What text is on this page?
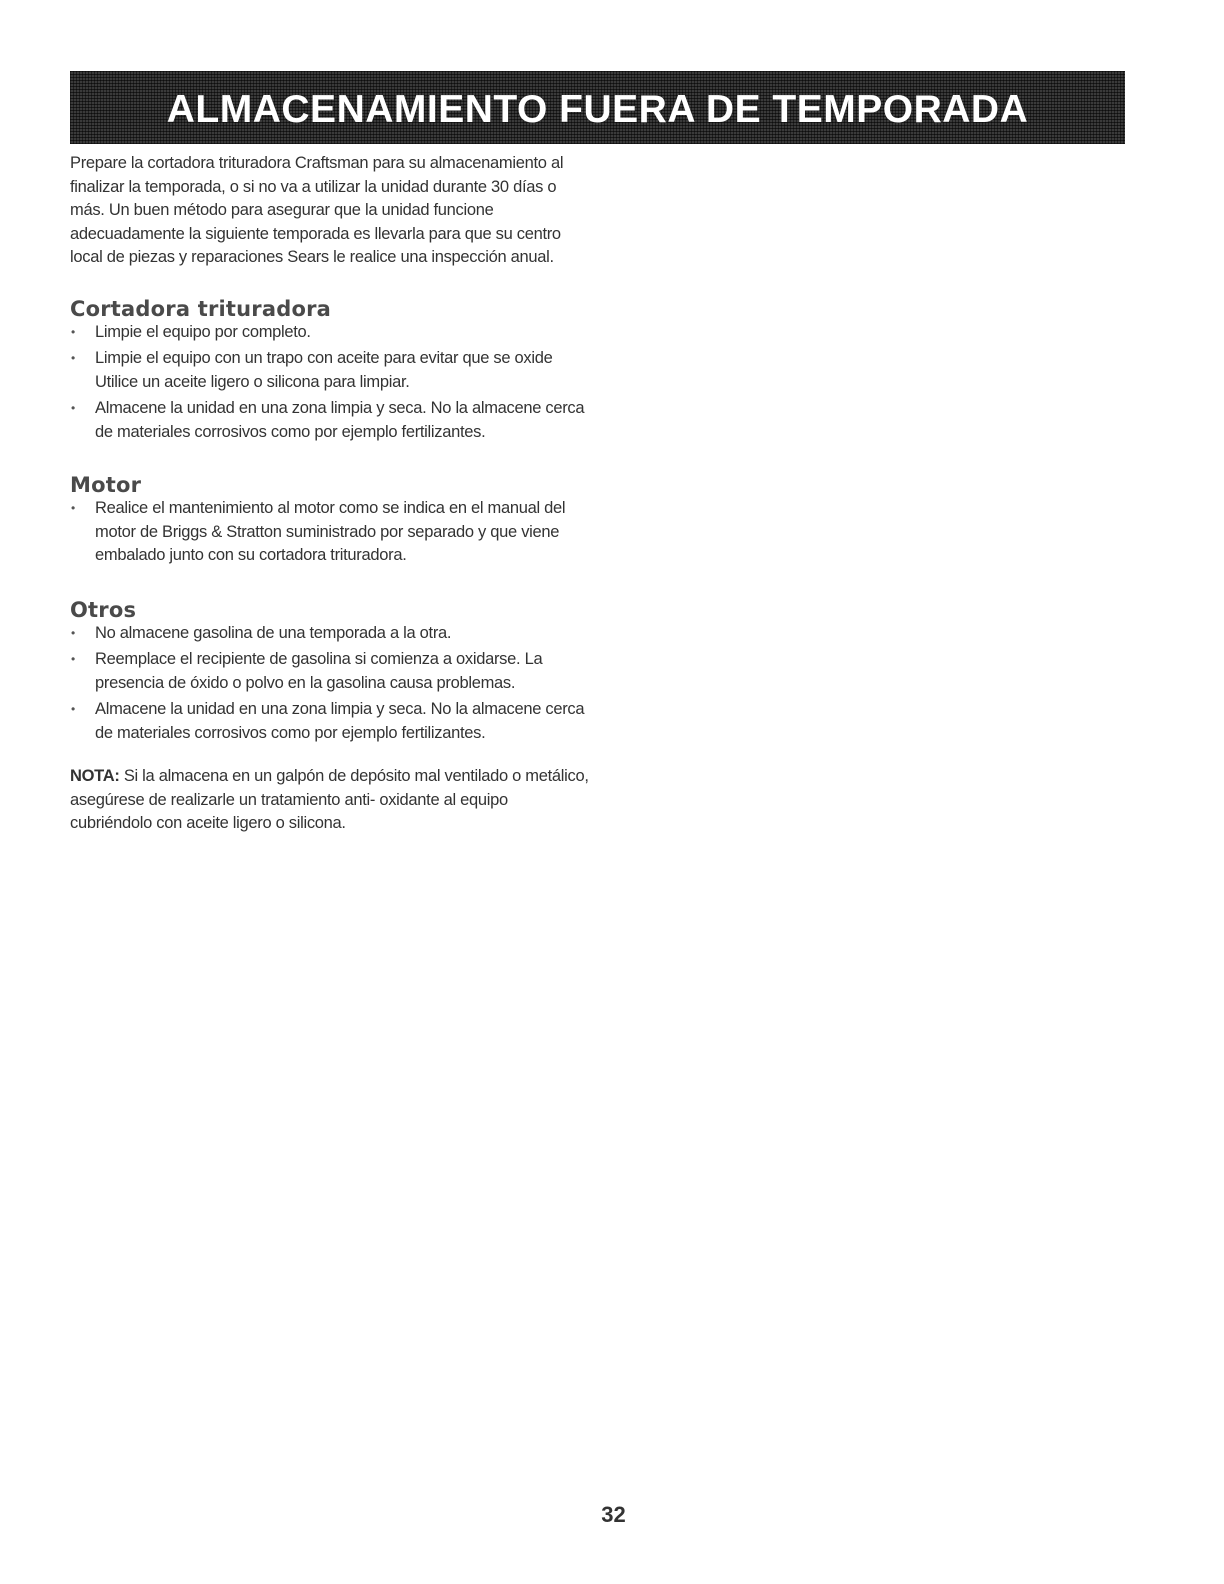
ALMACENAMIENTO FUERA DE TEMPORADA

Prepare la cortadora trituradora Craftsman para su almacenamiento al finalizar la temporada, o si no va a utilizar la unidad durante 30 días o más. Un buen método para asegurar que la unidad funcione adecuadamente la siguiente temporada es llevarla para que su centro local de piezas y reparaciones Sears le realice una inspección anual.

Cortadora trituradora
• Limpie el equipo por completo.
• Limpie el equipo con un trapo con aceite para evitar que se oxide Utilice un aceite ligero o silicona para limpiar.
• Almacene la unidad en una zona limpia y seca. No la almacene cerca de materiales corrosivos como por ejemplo fertilizantes.
Motor
• Realice el mantenimiento al motor como se indica en el manual del motor de Briggs & Stratton suministrado por separado y que viene embalado junto con su cortadora trituradora.
Otros
• No almacene gasolina de una temporada a la otra.
• Reemplace el recipiente de gasolina si comienza a oxidarse. La presencia de óxido o polvo en la gasolina causa problemas.
• Almacene la unidad en una zona limpia y seca. No la almacene cerca de materiales corrosivos como por ejemplo fertilizantes.

NOTA: Si la almacena en un galpón de depósito mal ventilado o metálico, asegúrese de realizarle un tratamiento anti- oxidante al equipo cubriéndolo con aceite ligero o silicona.

32
